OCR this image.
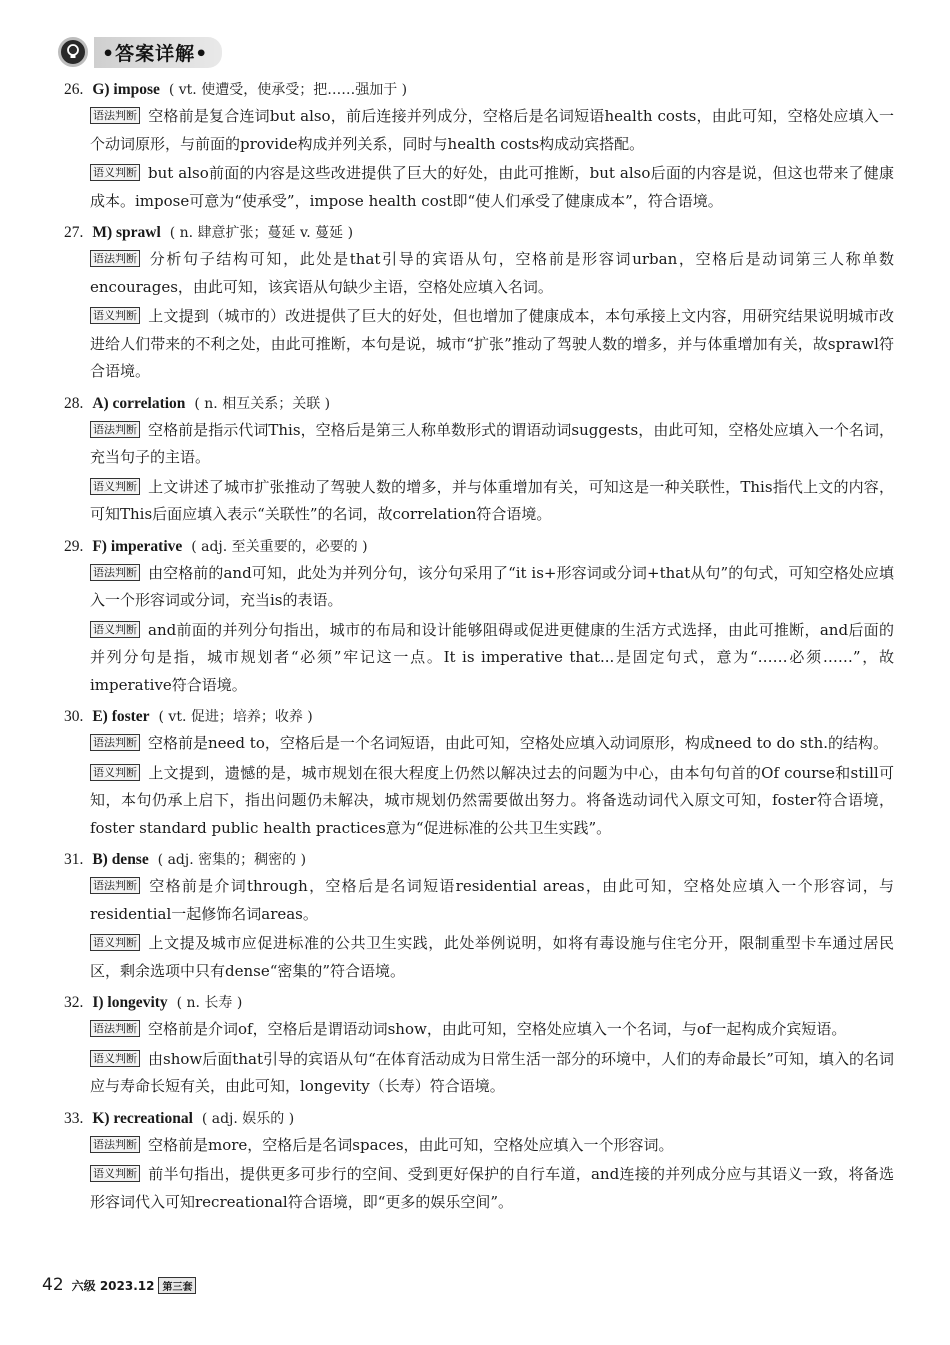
•答案详解•
26. G) impose ( vt. 使遭受，使承受；把……强加于 )
语法判断 空格前是复合连词but also，前后连接并列成分，空格后是名词短语health costs，由此可知，空格处应填入一个动词原形，与前面的provide构成并列关系，同时与health costs构成动宾搭配。
语义判断 but also前面的内容是这些改进提供了巨大的好处，由此可推断，but also后面的内容是说，但这也带来了健康成本。impose可意为“使承受”，impose health cost即“使人们承受了健康成本”，符合语境。
27. M) sprawl ( n. 肆意扩张；蔓延 v. 蔓延 )
语法判断 分析句子结构可知，此处是that引导的宾语从句，空格前是形容词urban，空格后是动词第三人称单数encourages，由此可知，该宾语从句缺少主语，空格处应填入名词。
语义判断 上文提到（城市的）改进提供了巨大的好处，但也增加了健康成本，本句承接上文内容，用研究结果说明城市改进给人们带来的不利之处，由此可推断，本句是说，城市“扩张”推动了驾驶人数的增多，并与体重增加有关，故sprawl符合语境。
28. A) correlation ( n. 相互关系；关联 )
语法判断 空格前是指示代词This，空格后是第三人称单数形式的谓语动词suggests，由此可知，空格处应填入一个名词，充当句子的主语。
语义判断 上文讲述了城市扩张推动了驾驶人数的增多，并与体重增加有关，可知这是一种关联性，This指代上文的内容，可知This后面应填入表示“关联性”的名词，故correlation符合语境。
29. F) imperative ( adj. 至关重要的，必要的 )
语法判断 由空格前的and可知，此处为并列分句，该分句采用了“it is+形容词或分词+that从句”的句式，可知空格处应填入一个形容词或分词，充当is的表语。
语义判断 and前面的并列分句指出，城市的布局和设计能够阻碍或促进更健康的生活方式选择，由此可推断，and后面的并列分句是指，城市规划者“必须”牢记这一点。It is imperative that...是固定句式，意为“……必须……”，故imperative符合语境。
30. E) foster ( vt. 促进；培养；收养 )
语法判断 空格前是need to，空格后是一个名词短语，由此可知，空格处应填入动词原形，构成need to do sth.的结构。
语义判断 上文提到，遗憾的是，城市规划在很大程度上仍然以解决过去的问题为中心，由本句句首的Of course和still可知，本句仍承上启下，指出问题仍未解决，城市规划仍然需要做出努力。将备选动词代入原文可知，foster符合语境，foster standard public health practices意为“促进标准的公共卫生实践”。
31. B) dense ( adj. 密集的；稠密的 )
语法判断 空格前是介词through，空格后是名词短语residential areas，由此可知，空格处应填入一个形容词，与residential一起修饰名词areas。
语义判断 上文提及城市应促进标准的公共卫生实践，此处举例说明，如将有毒设施与住宅分开，限制重型卡车通过居民区，剩余选项中只有dense“密集的”符合语境。
32. I) longevity ( n. 长寿 )
语法判断 空格前是介词of，空格后是谓语动词show，由此可知，空格处应填入一个名词，与of一起构成介宾短语。
语义判断 由show后面that引导的宾语从句“在体育活动成为日常生活一部分的环境中，人们的寿命最长”可知，填入的名词应与寿命长短有关，由此可知，longevity（长寿）符合语境。
33. K) recreational ( adj. 娱乐的 )
语法判断 空格前是more，空格后是名词spaces，由此可知，空格处应填入一个形容词。
语义判断 前半句指出，提供更多可步行的空间、受到更好保护的自行车道，and连接的并列成分应与其语义一致，将备选形容词代入可知recreational符合语境，即“更多的娱乐空间”。
42 六级 2023.12 第三套
